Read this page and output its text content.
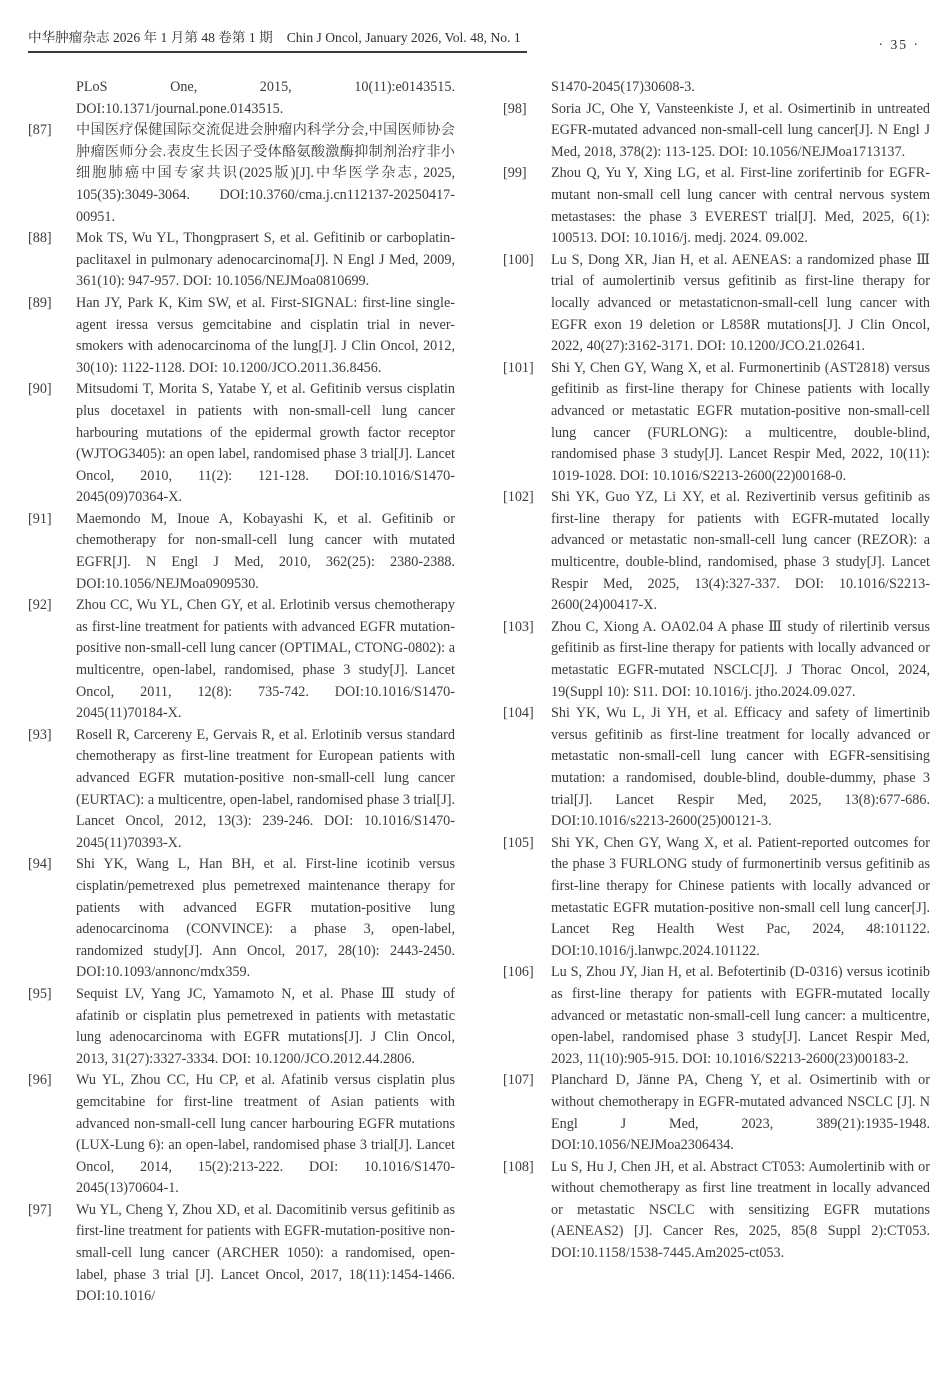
中华肿瘤杂志 2026 年 1 月第 48 卷第 1 期 Chin J Oncol, January 2026, Vol. 48, No. 1	· 35 ·
PLoS One, 2015, 10(11):e0143515. DOI:10.1371/journal.pone.0143515.
[87]	中国医疗保健国际交流促进会肿瘤内科学分会,中国医师协会肿瘤医师分会.表皮生长因子受体酪氨酸激酶抑制剂治疗非小细胞肺癌中国专家共识(2025版)[J].中华医学杂志, 2025, 105(35):3049-3064. DOI:10.3760/cma.j.cn112137-20250417-00951.
[88]	Mok TS, Wu YL, Thongprasert S, et al. Gefitinib or carboplatin-paclitaxel in pulmonary adenocarcinoma[J]. N Engl J Med, 2009, 361(10): 947-957. DOI: 10.1056/NEJMoa0810699.
[89]	Han JY, Park K, Kim SW, et al. First-SIGNAL: first-line single-agent iressa versus gemcitabine and cisplatin trial in never-smokers with adenocarcinoma of the lung[J]. J Clin Oncol, 2012, 30(10): 1122-1128. DOI: 10.1200/JCO.2011.36.8456.
[90]	Mitsudomi T, Morita S, Yatabe Y, et al. Gefitinib versus cisplatin plus docetaxel in patients with non-small-cell lung cancer harbouring mutations of the epidermal growth factor receptor (WJTOG3405): an open label, randomised phase 3 trial[J]. Lancet Oncol, 2010, 11(2): 121-128. DOI:10.1016/S1470-2045(09)70364-X.
[91]	Maemondo M, Inoue A, Kobayashi K, et al. Gefitinib or chemotherapy for non-small-cell lung cancer with mutated EGFR[J]. N Engl J Med, 2010, 362(25): 2380-2388. DOI:10.1056/NEJMoa0909530.
[92]	Zhou CC, Wu YL, Chen GY, et al. Erlotinib versus chemotherapy as first-line treatment for patients with advanced EGFR mutation-positive non-small-cell lung cancer (OPTIMAL, CTONG-0802): a multicentre, open-label, randomised, phase 3 study[J]. Lancet Oncol, 2011, 12(8): 735-742. DOI:10.1016/S1470-2045(11)70184-X.
[93]	Rosell R, Carcereny E, Gervais R, et al. Erlotinib versus standard chemotherapy as first-line treatment for European patients with advanced EGFR mutation-positive non-small-cell lung cancer (EURTAC): a multicentre, open-label, randomised phase 3 trial[J]. Lancet Oncol, 2012, 13(3): 239-246. DOI: 10.1016/S1470-2045(11)70393-X.
[94]	Shi YK, Wang L, Han BH, et al. First-line icotinib versus cisplatin/pemetrexed plus pemetrexed maintenance therapy for patients with advanced EGFR mutation-positive lung adenocarcinoma (CONVINCE): a phase 3, open-label, randomized study[J]. Ann Oncol, 2017, 28(10): 2443-2450. DOI:10.1093/annonc/mdx359.
[95]	Sequist LV, Yang JC, Yamamoto N, et al. Phase Ⅲ study of afatinib or cisplatin plus pemetrexed in patients with metastatic lung adenocarcinoma with EGFR mutations[J]. J Clin Oncol, 2013, 31(27):3327-3334. DOI: 10.1200/JCO.2012.44.2806.
[96]	Wu YL, Zhou CC, Hu CP, et al. Afatinib versus cisplatin plus gemcitabine for first-line treatment of Asian patients with advanced non-small-cell lung cancer harbouring EGFR mutations (LUX-Lung 6): an open-label, randomised phase 3 trial[J]. Lancet Oncol, 2014, 15(2):213-222. DOI: 10.1016/S1470-2045(13)70604-1.
[97]	Wu YL, Cheng Y, Zhou XD, et al. Dacomitinib versus gefitinib as first-line treatment for patients with EGFR-mutation-positive non-small-cell lung cancer (ARCHER 1050): a randomised, open-label, phase 3 trial [J]. Lancet Oncol, 2017, 18(11):1454-1466. DOI:10.1016/
S1470-2045(17)30608-3.
[98]	Soria JC, Ohe Y, Vansteenkiste J, et al. Osimertinib in untreated EGFR-mutated advanced non-small-cell lung cancer[J]. N Engl J Med, 2018, 378(2): 113-125. DOI: 10.1056/NEJMoa1713137.
[99]	Zhou Q, Yu Y, Xing LG, et al. First-line zorifertinib for EGFR-mutant non-small cell lung cancer with central nervous system metastases: the phase 3 EVEREST trial[J]. Med, 2025, 6(1): 100513. DOI: 10.1016/j. medj. 2024. 09.002.
[100]	Lu S, Dong XR, Jian H, et al. AENEAS: a randomized phase Ⅲ trial of aumolertinib versus gefitinib as first-line therapy for locally advanced or metastaticnon-small-cell lung cancer with EGFR exon 19 deletion or L858R mutations[J]. J Clin Oncol, 2022, 40(27):3162-3171. DOI: 10.1200/JCO.21.02641.
[101]	Shi Y, Chen GY, Wang X, et al. Furmonertinib (AST2818) versus gefitinib as first-line therapy for Chinese patients with locally advanced or metastatic EGFR mutation-positive non-small-cell lung cancer (FURLONG): a multicentre, double-blind, randomised phase 3 study[J]. Lancet Respir Med, 2022, 10(11): 1019-1028. DOI: 10.1016/S2213-2600(22)00168-0.
[102]	Shi YK, Guo YZ, Li XY, et al. Rezivertinib versus gefitinib as first-line therapy for patients with EGFR-mutated locally advanced or metastatic non-small-cell lung cancer (REZOR): a multicentre, double-blind, randomised, phase 3 study[J]. Lancet Respir Med, 2025, 13(4):327-337. DOI: 10.1016/S2213-2600(24)00417-X.
[103]	Zhou C, Xiong A. OA02.04 A phase Ⅲ study of rilertinib versus gefitinib as first-line therapy for patients with locally advanced or metastatic EGFR-mutated NSCLC[J]. J Thorac Oncol, 2024, 19(Suppl 10): S11. DOI: 10.1016/j. jtho.2024.09.027.
[104]	Shi YK, Wu L, Ji YH, et al. Efficacy and safety of limertinib versus gefitinib as first-line treatment for locally advanced or metastatic non-small-cell lung cancer with EGFR-sensitising mutation: a randomised, double-blind, double-dummy, phase 3 trial[J]. Lancet Respir Med, 2025, 13(8):677-686. DOI:10.1016/s2213-2600(25)00121-3.
[105]	Shi YK, Chen GY, Wang X, et al. Patient-reported outcomes for the phase 3 FURLONG study of furmonertinib versus gefitinib as first-line therapy for Chinese patients with locally advanced or metastatic EGFR mutation-positive non-small cell lung cancer[J]. Lancet Reg Health West Pac, 2024, 48:101122. DOI:10.1016/j.lanwpc.2024.101122.
[106]	Lu S, Zhou JY, Jian H, et al. Befotertinib (D-0316) versus icotinib as first-line therapy for patients with EGFR-mutated locally advanced or metastatic non-small-cell lung cancer: a multicentre, open-label, randomised phase 3 study[J]. Lancet Respir Med, 2023, 11(10):905-915. DOI: 10.1016/S2213-2600(23)00183-2.
[107]	Planchard D, Jänne PA, Cheng Y, et al. Osimertinib with or without chemotherapy in EGFR-mutated advanced NSCLC [J]. N Engl J Med, 2023, 389(21):1935-1948. DOI:10.1056/NEJMoa2306434.
[108]	Lu S, Hu J, Chen JH, et al. Abstract CT053: Aumolertinib with or without chemotherapy as first line treatment in locally advanced or metastatic NSCLC with sensitizing EGFR mutations (AENEAS2) [J]. Cancer Res, 2025, 85(8 Suppl 2):CT053. DOI:10.1158/1538-7445.Am2025-ct053.
